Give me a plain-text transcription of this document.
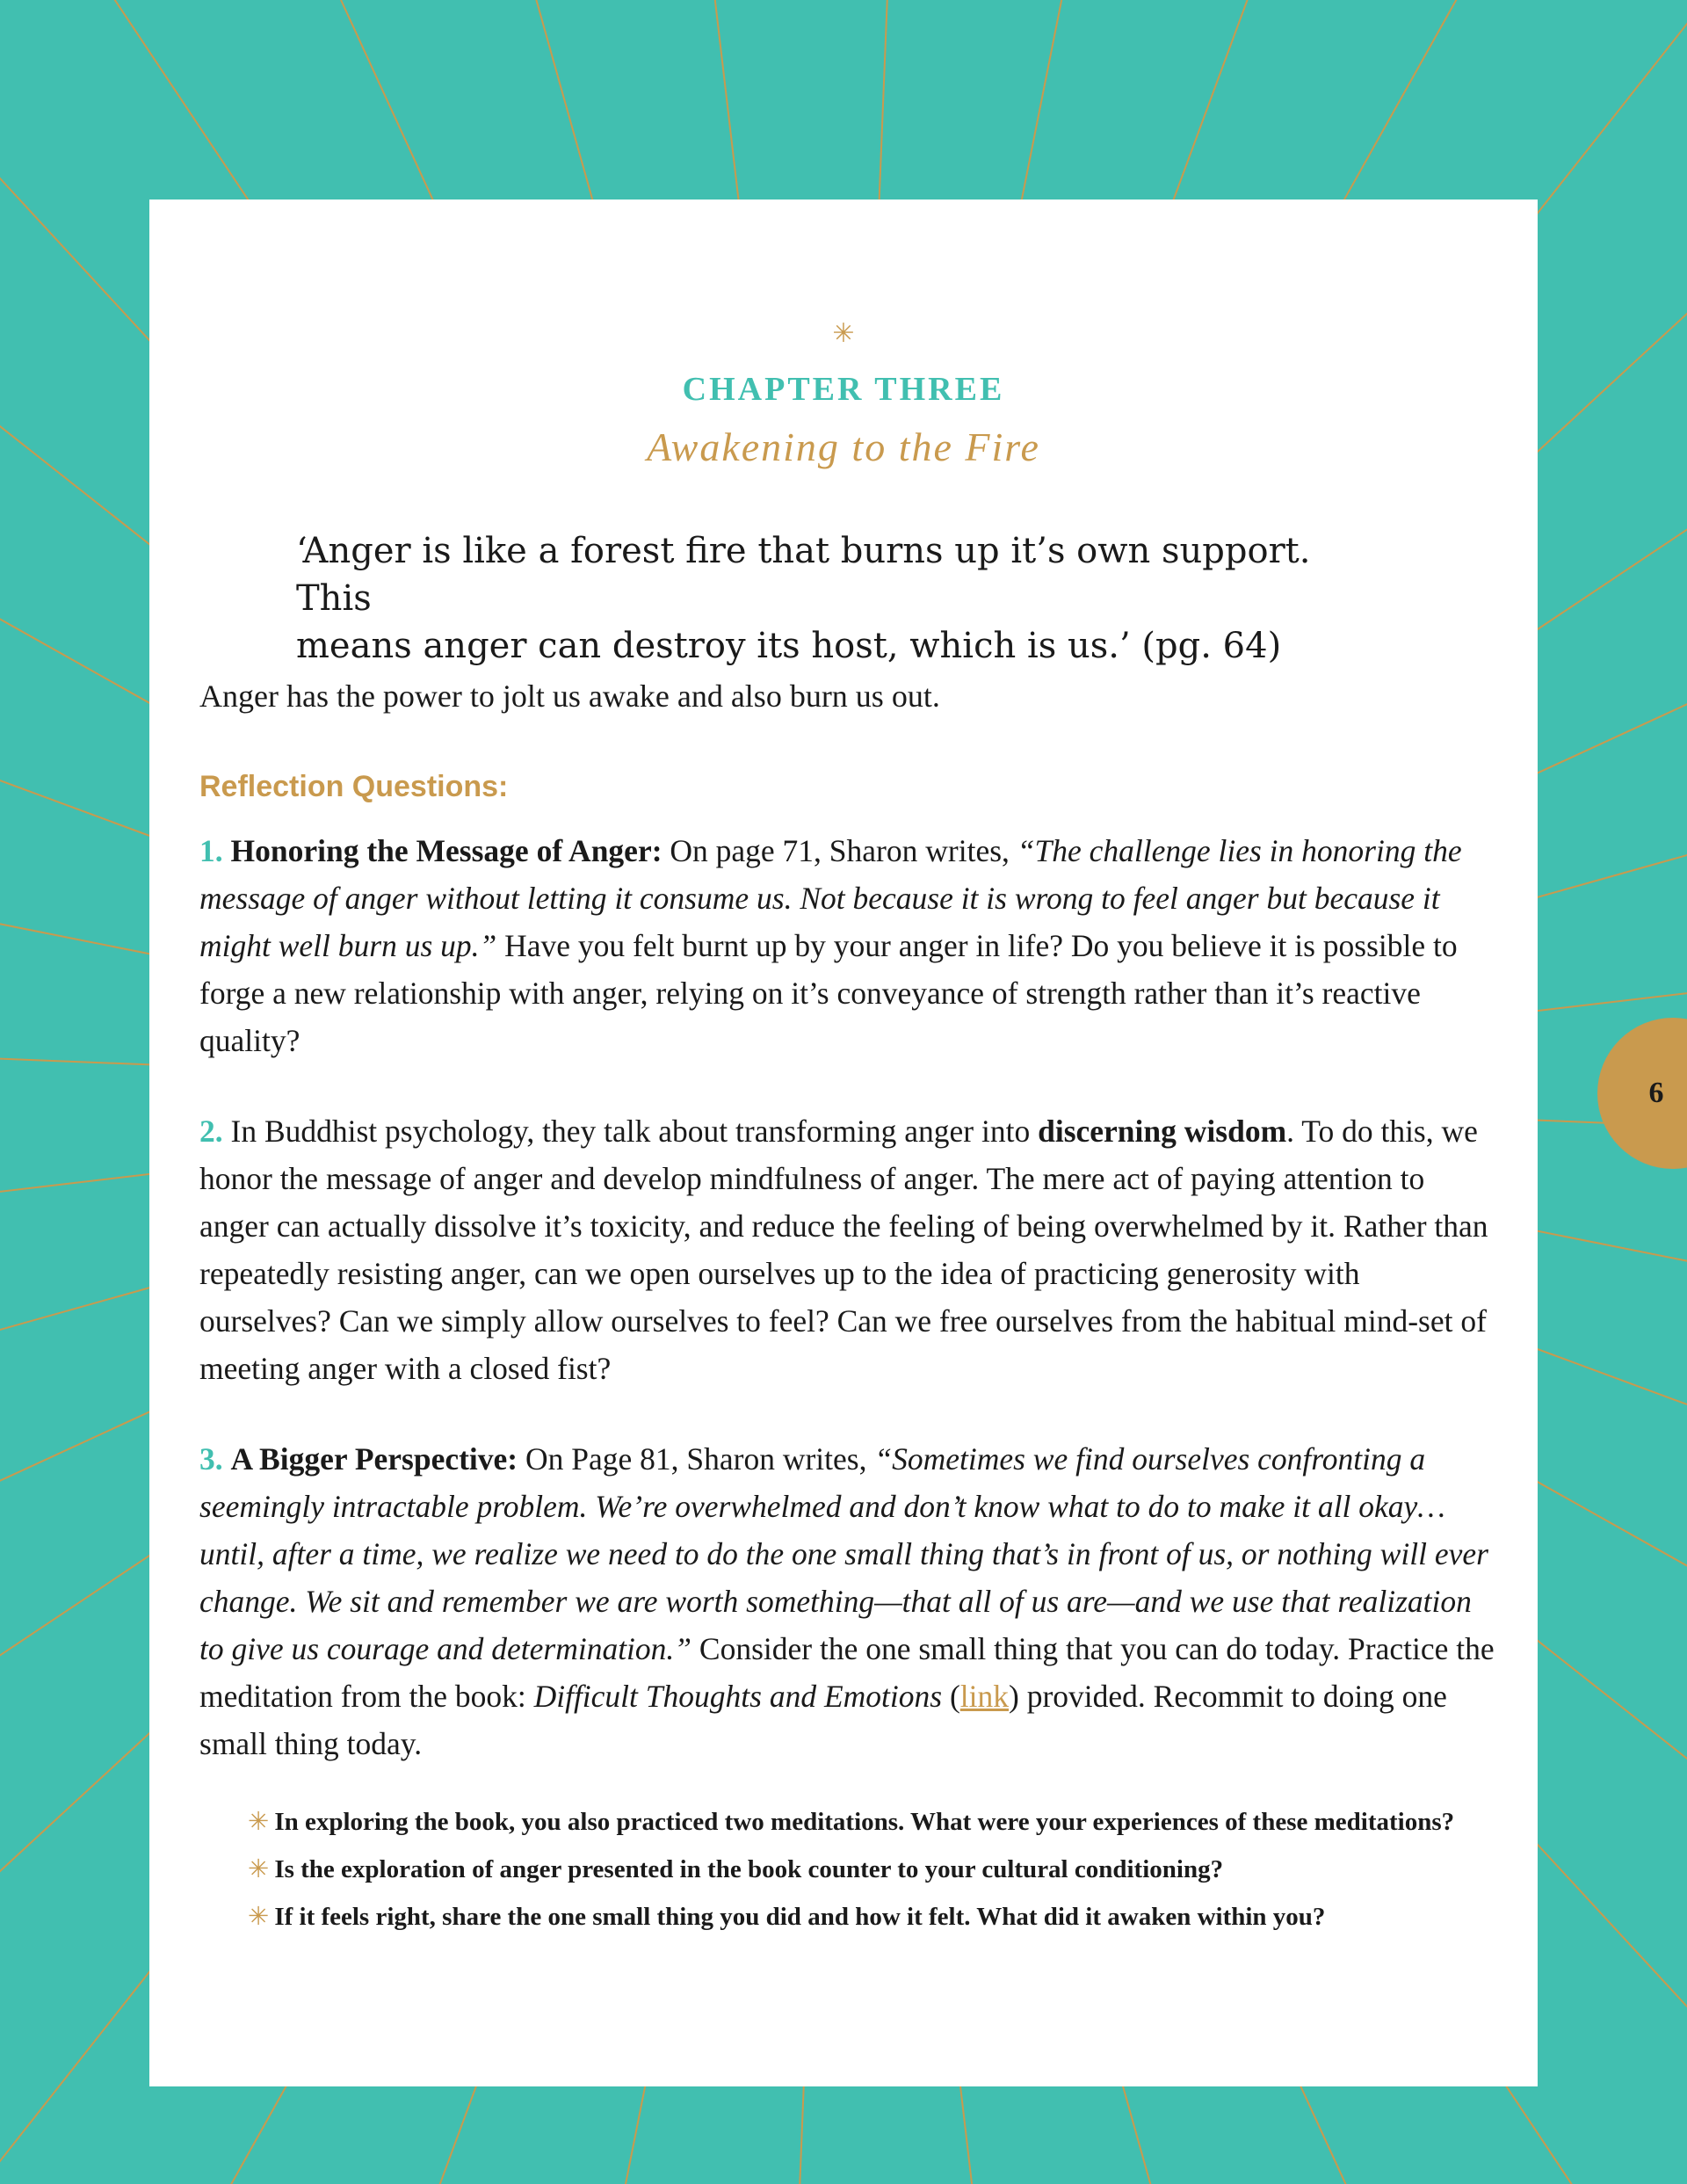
6
✳
CHAPTER THREE
Awakening to the Fire

‘Anger is like a forest fire that burns up it’s own support. This

means anger can destroy its host, which is us.’ (pg. 64)

Anger has the power to jolt us awake and also burn us out.
Reflection Questions:

1. Honoring the Message of Anger: On page 71, Sharon writes, “The challenge lies in honoring the message of anger without letting it consume us. Not because it is wrong to feel anger but because it might well burn us up.” Have you felt burnt up by your anger in life? Do you believe it is possible to forge a new relationship with anger, relying on it’s conveyance of strength rather than it’s reactive quality?

2. In Buddhist psychology, they talk about transforming anger into discerning wisdom. To do this, we honor the message of anger and develop mindfulness of anger. The mere act of paying attention to anger can actually dissolve it’s toxicity, and reduce the feeling of being overwhelmed by it. Rather than repeatedly resisting anger, can we open ourselves up to the idea of practicing generosity with ourselves? Can we simply allow ourselves to feel? Can we free ourselves from the habitual mind-set of meeting anger with a closed fist?

3. A Bigger Perspective: On Page 81, Sharon writes, “Sometimes we find ourselves confronting a seemingly intractable problem. We’re overwhelmed and don’t know what to do to make it all okay…until, after a time, we realize we need to do the one small thing that’s in front of us, or nothing will ever change. We sit and remember we are worth something—that all of us are—and we use that realization to give us courage and determination.” Consider the one small thing that you can do today. Practice the meditation from the book: Difficult Thoughts and Emotions (link) provided. Recommit to doing one small thing today.

✳ In exploring the book, you also practiced two meditations. What were your experiences of these meditations?

✳ Is the exploration of anger presented in the book counter to your cultural conditioning?

✳ If it feels right, share the one small thing you did and how it felt. What did it awaken within you?
